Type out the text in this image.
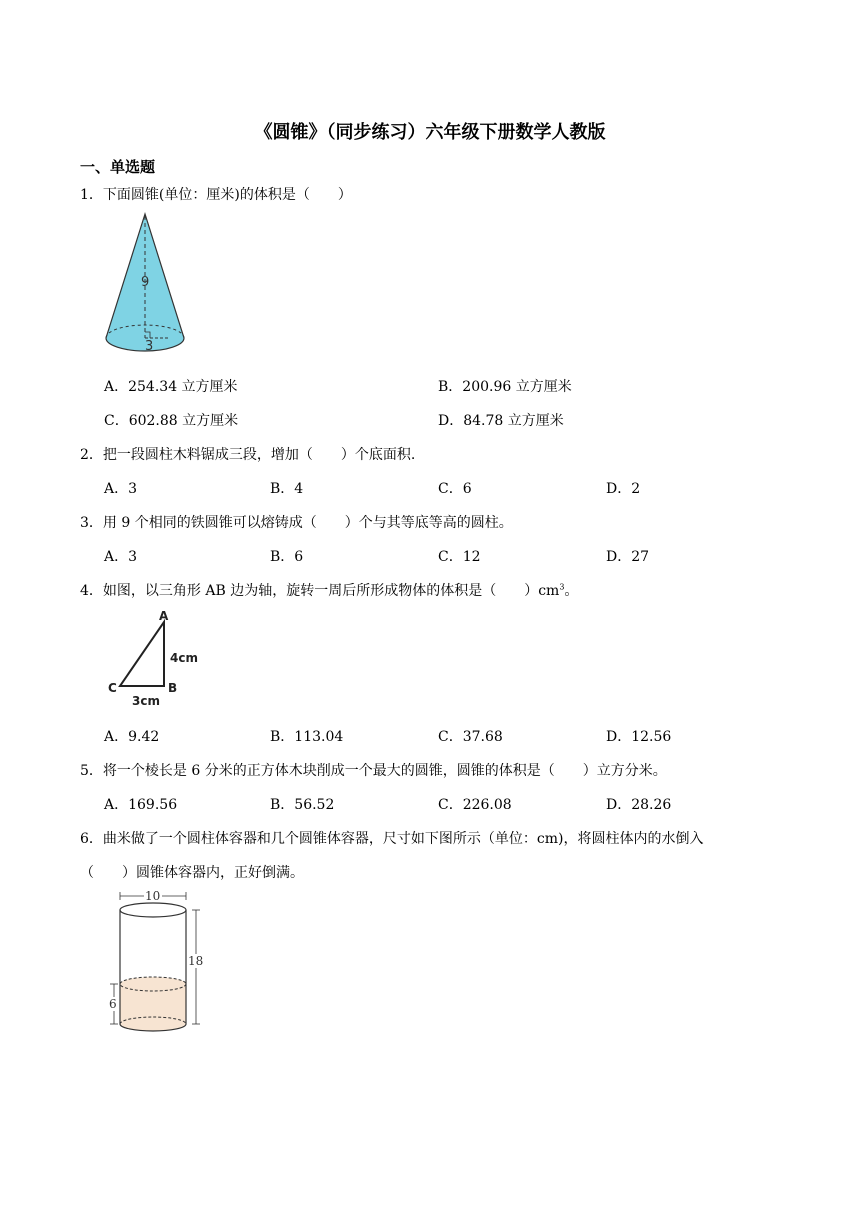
《圆锥》（同步练习）六年级下册数学人教版
一、单选题
1．下面圆锥(单位：厘米)的体积是（　　）
9
3
A．254.34 立方厘米	B．200.96 立方厘米
C．602.88 立方厘米	D．84.78 立方厘米
2．把一段圆柱木料锯成三段，增加（　　）个底面积.
A．3	B．4	C．6	D．2
3．用 9 个相同的铁圆锥可以熔铸成（　　）个与其等底等高的圆柱。
A．3	B．6	C．12	D．27
4．如图，以三角形 AB 边为轴，旋转一周后所形成物体的体积是（　　）$cm^3$。
A
B
C
4cm
3cm
A．9.42	B．113.04	C．37.68	D．12.56
5．将一个棱长是 6 分米的正方体木块削成一个最大的圆锥，圆锥的体积是（　　）立方分米。
A．169.56	B．56.52	C．226.08	D．28.26
6．曲米做了一个圆柱体容器和几个圆锥体容器，尺寸如下图所示（单位：cm)，将圆柱体内的水倒入
（　　）圆锥体容器内，正好倒满。
10
18
6
